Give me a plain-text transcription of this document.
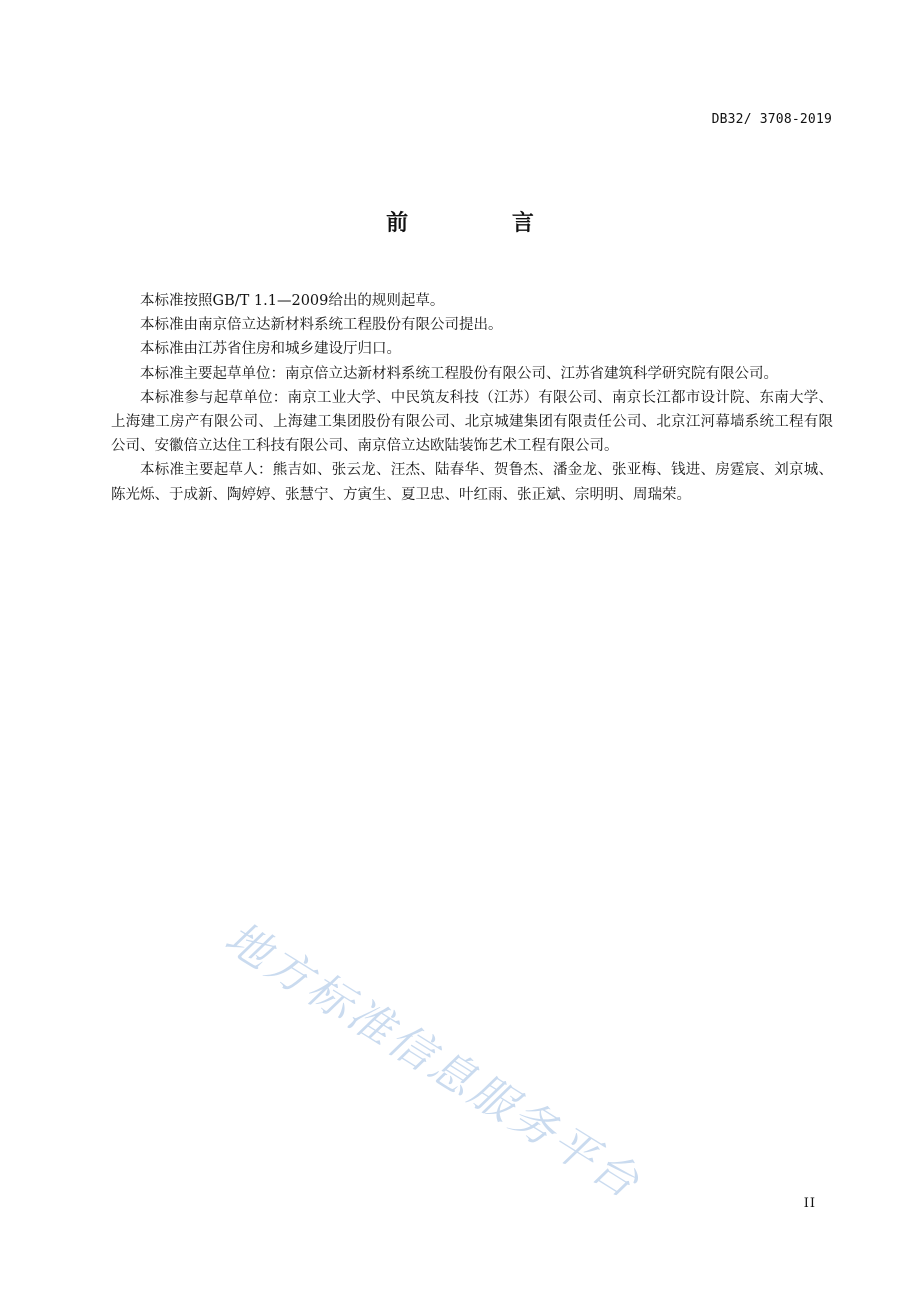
DB32/ 3708-2019
前 言

本标准按照GB/T 1.1—2009给出的规则起草。

本标准由南京倍立达新材料系统工程股份有限公司提出。

本标准由江苏省住房和城乡建设厅归口。

本标准主要起草单位：南京倍立达新材料系统工程股份有限公司、江苏省建筑科学研究院有限公司。

本标准参与起草单位：南京工业大学、中民筑友科技（江苏）有限公司、南京长江都市设计院、东南大学、上海建工房产有限公司、上海建工集团股份有限公司、北京城建集团有限责任公司、北京江河幕墙系统工程有限公司、安徽倍立达住工科技有限公司、南京倍立达欧陆装饰艺术工程有限公司。

本标准主要起草人：熊吉如、张云龙、汪杰、陆春华、贺鲁杰、潘金龙、张亚梅、钱进、房霆宸、刘京城、陈光烁、于成新、陶婷婷、张慧宁、方寅生、夏卫忠、叶红雨、张正斌、宗明明、周瑞荣。

地方标准信息服务平台	II
